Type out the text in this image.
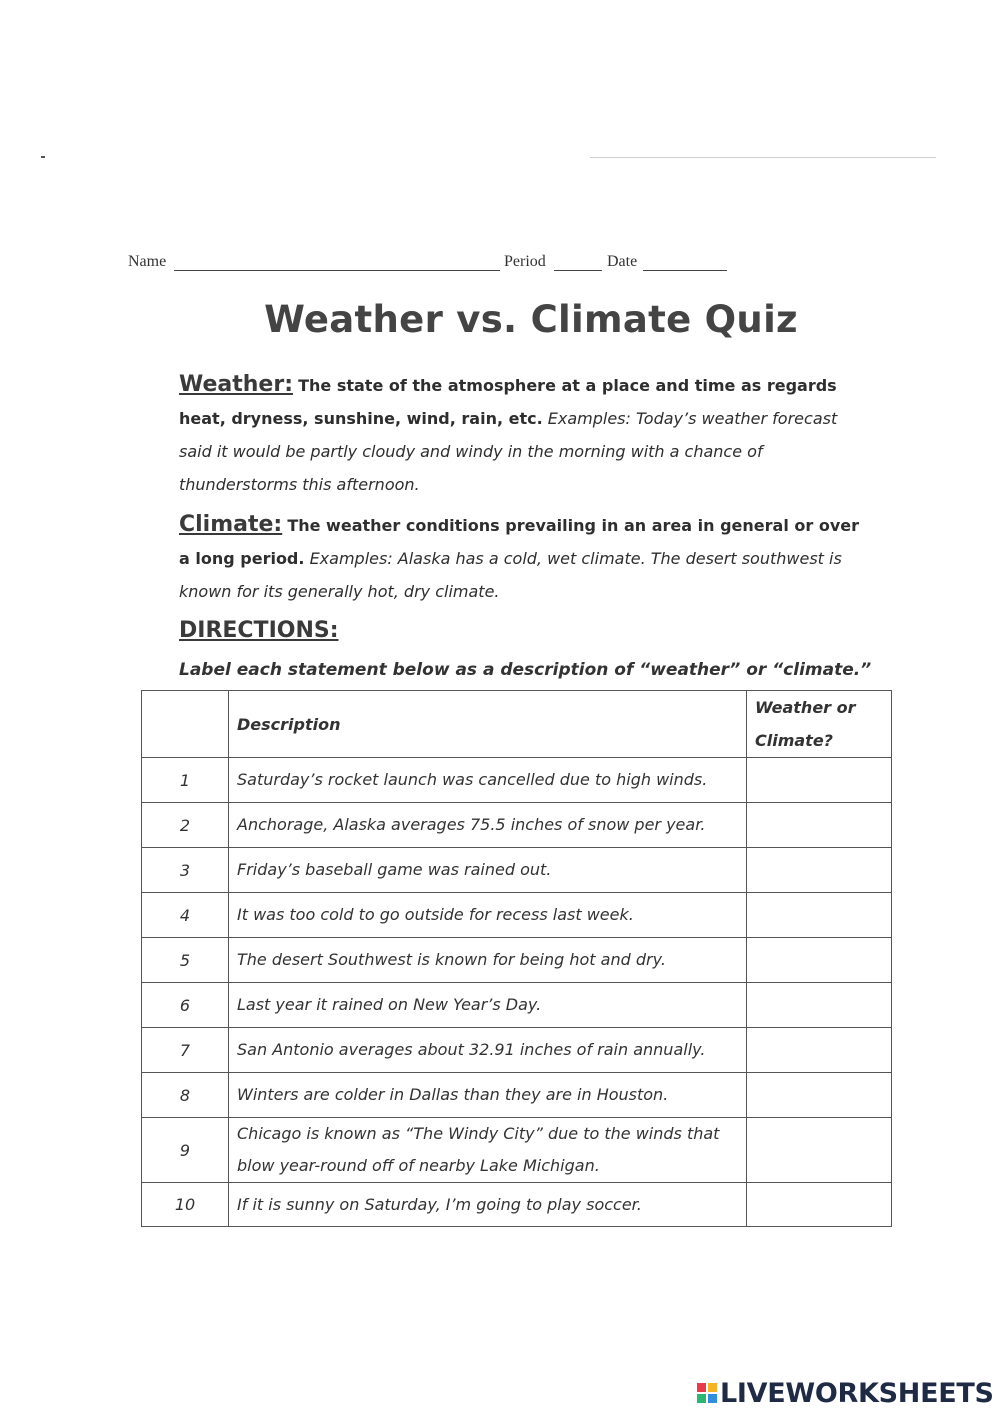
Name	Period	Date
Weather vs. Climate Quiz

Weather: The state of the atmosphere at a place and time as regards heat, dryness, sunshine, wind, rain, etc. Examples: Today’s weather forecast said it would be partly cloudy and windy in the morning with a chance of thunderstorms this afternoon.

Climate: The weather conditions prevailing in an area in general or over a long period. Examples: Alaska has a cold, wet climate. The desert southwest is known for its generally hot, dry climate.

DIRECTIONS:

Label each statement below as a description of “weather” or “climate.”

	Description	Weather or Climate?
1	Saturday’s rocket launch was cancelled due to high winds.	
2	Anchorage, Alaska averages 75.5 inches of snow per year.	
3	Friday’s baseball game was rained out.	
4	It was too cold to go outside for recess last week.	
5	The desert Southwest is known for being hot and dry.	
6	Last year it rained on New Year’s Day.	
7	San Antonio averages about 32.91 inches of rain annually.	
8	Winters are colder in Dallas than they are in Houston.	
9	Chicago is known as “The Windy City” due to the winds that blow year-round off of nearby Lake Michigan.	
10	If it is sunny on Saturday, I’m going to play soccer.	
LIVEWORKSHEETS
